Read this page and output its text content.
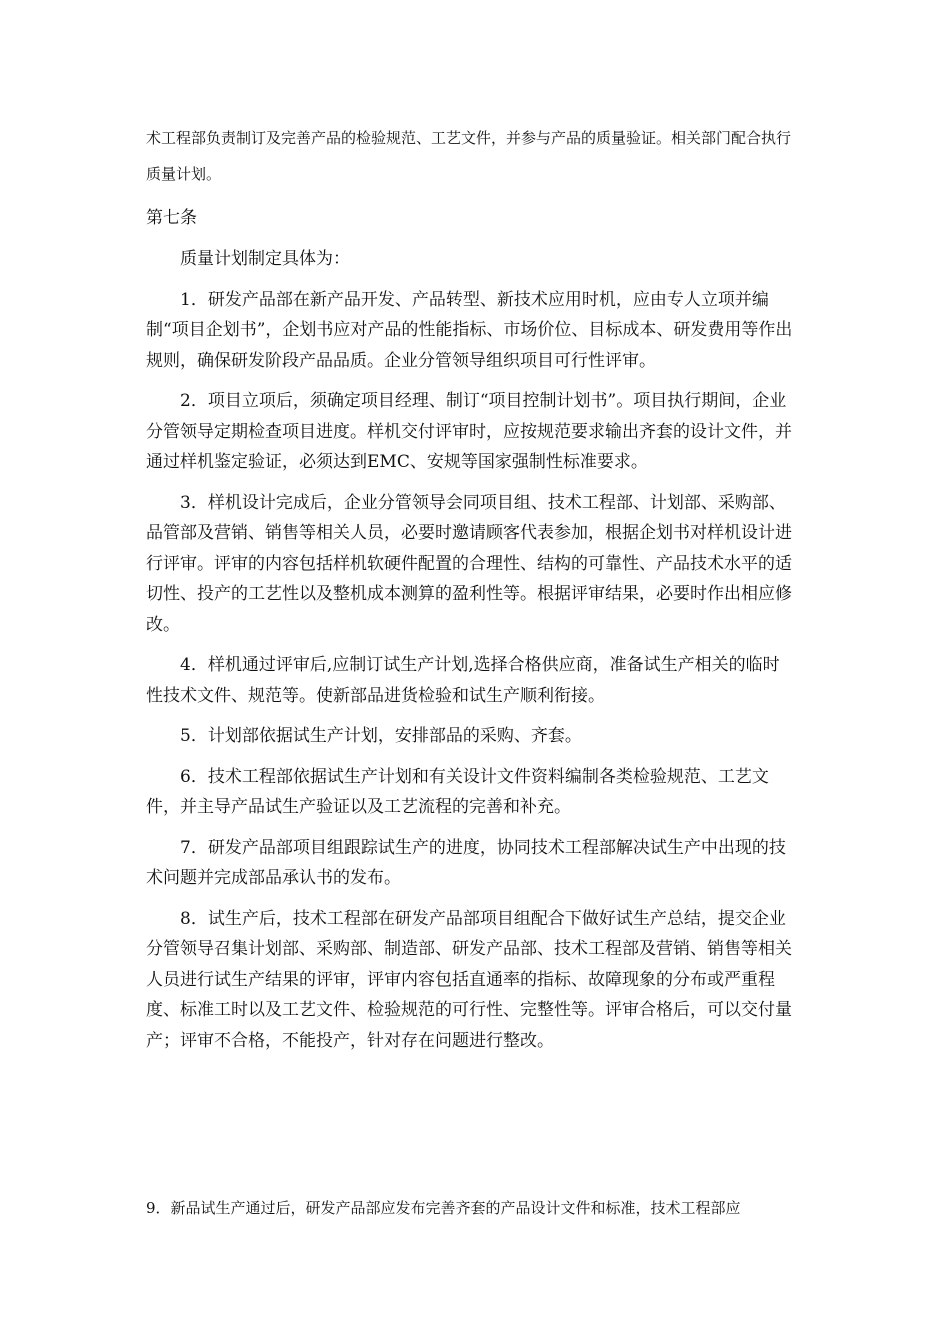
术工程部负责制订及完善产品的检验规范、工艺文件，并参与产品的质量验证。相关部门配合执行质量计划。

第七条

质量计划制定具体为：

1．研发产品部在新产品开发、产品转型、新技术应用时机，应由专人立项并编制“项目企划书”，企划书应对产品的性能指标、市场价位、目标成本、研发费用等作出规则，确保研发阶段产品品质。企业分管领导组织项目可行性评审。

2．项目立项后，须确定项目经理、制订“项目控制计划书”。项目执行期间，企业分管领导定期检查项目进度。样机交付评审时，应按规范要求输出齐套的设计文件，并通过样机鉴定验证，必须达到EMC、安规等国家强制性标准要求。

3．样机设计完成后，企业分管领导会同项目组、技术工程部、计划部、采购部、品管部及营销、销售等相关人员，必要时邀请顾客代表参加，根据企划书对样机设计进行评审。评审的内容包括样机软硬件配置的合理性、结构的可靠性、产品技术水平的适切性、投产的工艺性以及整机成本测算的盈利性等。根据评审结果，必要时作出相应修改。

4．样机通过评审后,应制订试生产计划,选择合格供应商，准备试生产相关的临时性技术文件、规范等。使新部品进货检验和试生产顺利衔接。

5．计划部依据试生产计划，安排部品的采购、齐套。

6．技术工程部依据试生产计划和有关设计文件资料编制各类检验规范、工艺文件，并主导产品试生产验证以及工艺流程的完善和补充。

7．研发产品部项目组跟踪试生产的进度，协同技术工程部解决试生产中出现的技术问题并完成部品承认书的发布。

8．试生产后，技术工程部在研发产品部项目组配合下做好试生产总结，提交企业分管领导召集计划部、采购部、制造部、研发产品部、技术工程部及营销、销售等相关人员进行试生产结果的评审，评审内容包括直通率的指标、故障现象的分布或严重程度、标准工时以及工艺文件、检验规范的可行性、完整性等。评审合格后，可以交付量产；评审不合格，不能投产，针对存在问题进行整改。

9．新品试生产通过后，研发产品部应发布完善齐套的产品设计文件和标准，技术工程部应
